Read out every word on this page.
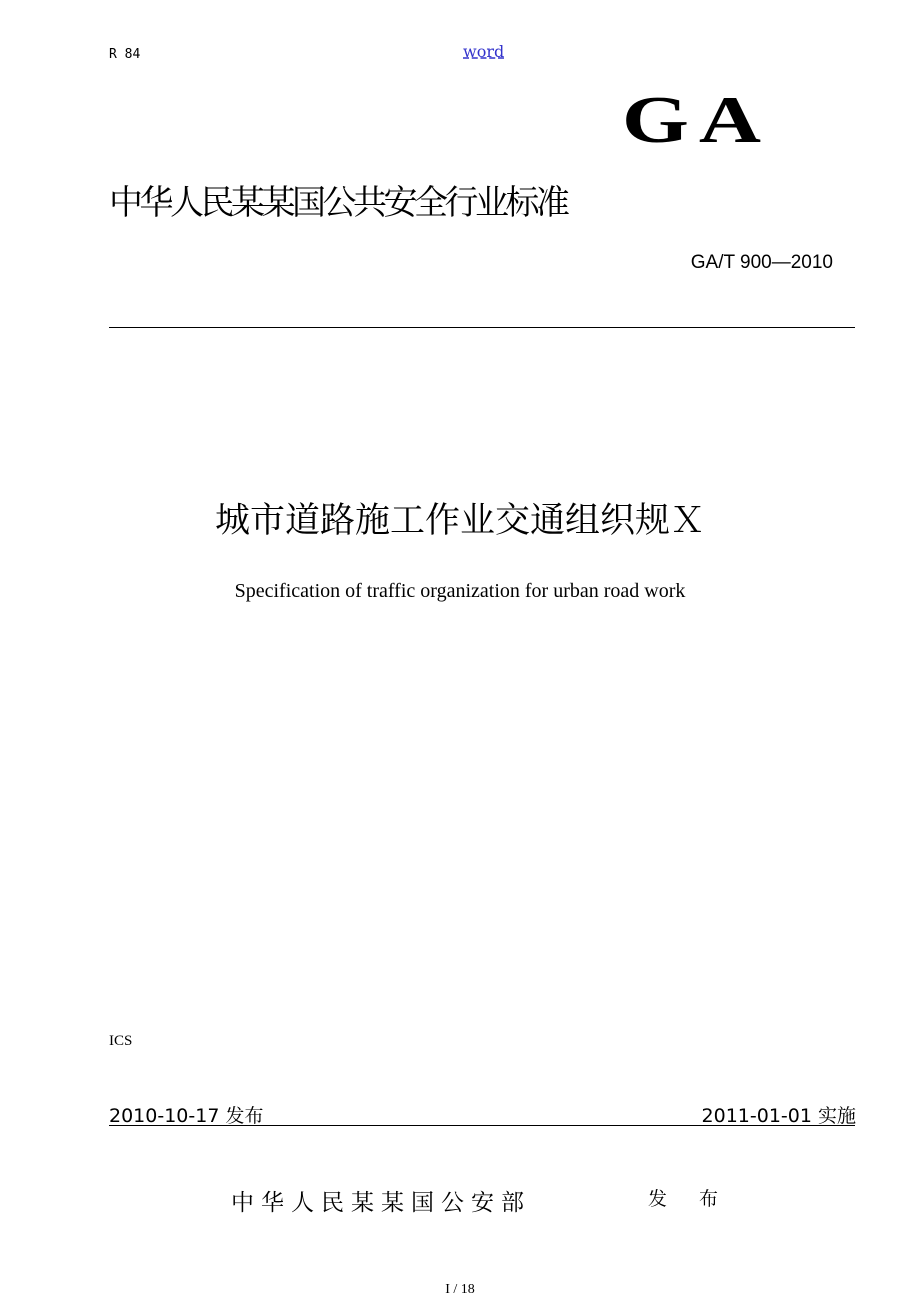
R 84	word
GA
中华人民某某国公共安全行业标准
GA/T 900—2010
城市道路施工作业交通组织规Ｘ
Specification of traffic organization for urban road work
ICS
2010-10-17 发布	2011-01-01 实施
中华人民某某国公安部	发 布
I / 18
